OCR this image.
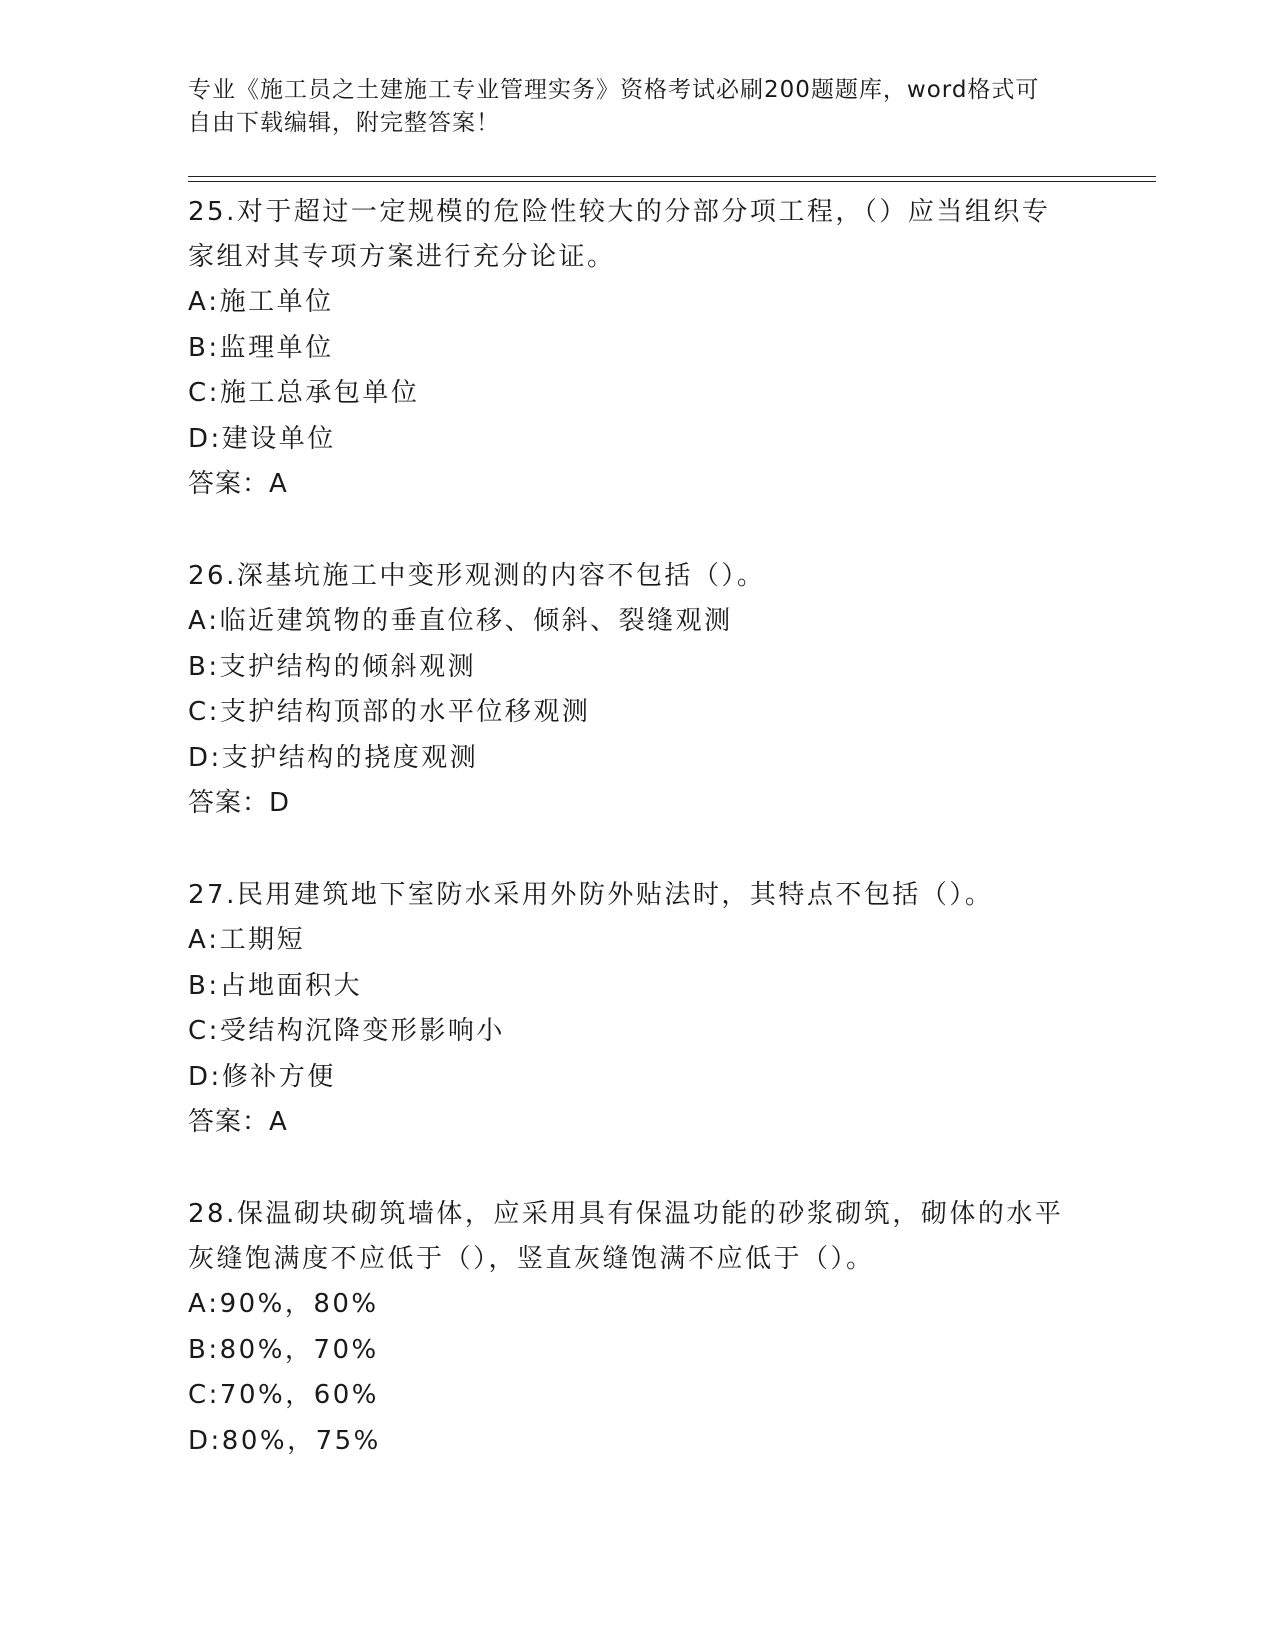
专业《施工员之土建施工专业管理实务》资格考试必刷200题题库，word格式可
自由下载编辑，附完整答案！
25.对于超过一定规模的危险性较大的分部分项工程，（）应当组织专
家组对其专项方案进行充分论证。
A:施工单位
B:监理单位
C:施工总承包单位
D:建设单位
答案：A
26.深基坑施工中变形观测的内容不包括（）。
A:临近建筑物的垂直位移、倾斜、裂缝观测
B:支护结构的倾斜观测
C:支护结构顶部的水平位移观测
D:支护结构的挠度观测
答案：D
27.民用建筑地下室防水采用外防外贴法时，其特点不包括（）。
A:工期短
B:占地面积大
C:受结构沉降变形影响小
D:修补方便
答案：A
28.保温砌块砌筑墙体，应采用具有保温功能的砂浆砌筑，砌体的水平
灰缝饱满度不应低于（），竖直灰缝饱满不应低于（）。
A:90%，80%
B:80%，70%
C:70%，60%
D:80%，75%
